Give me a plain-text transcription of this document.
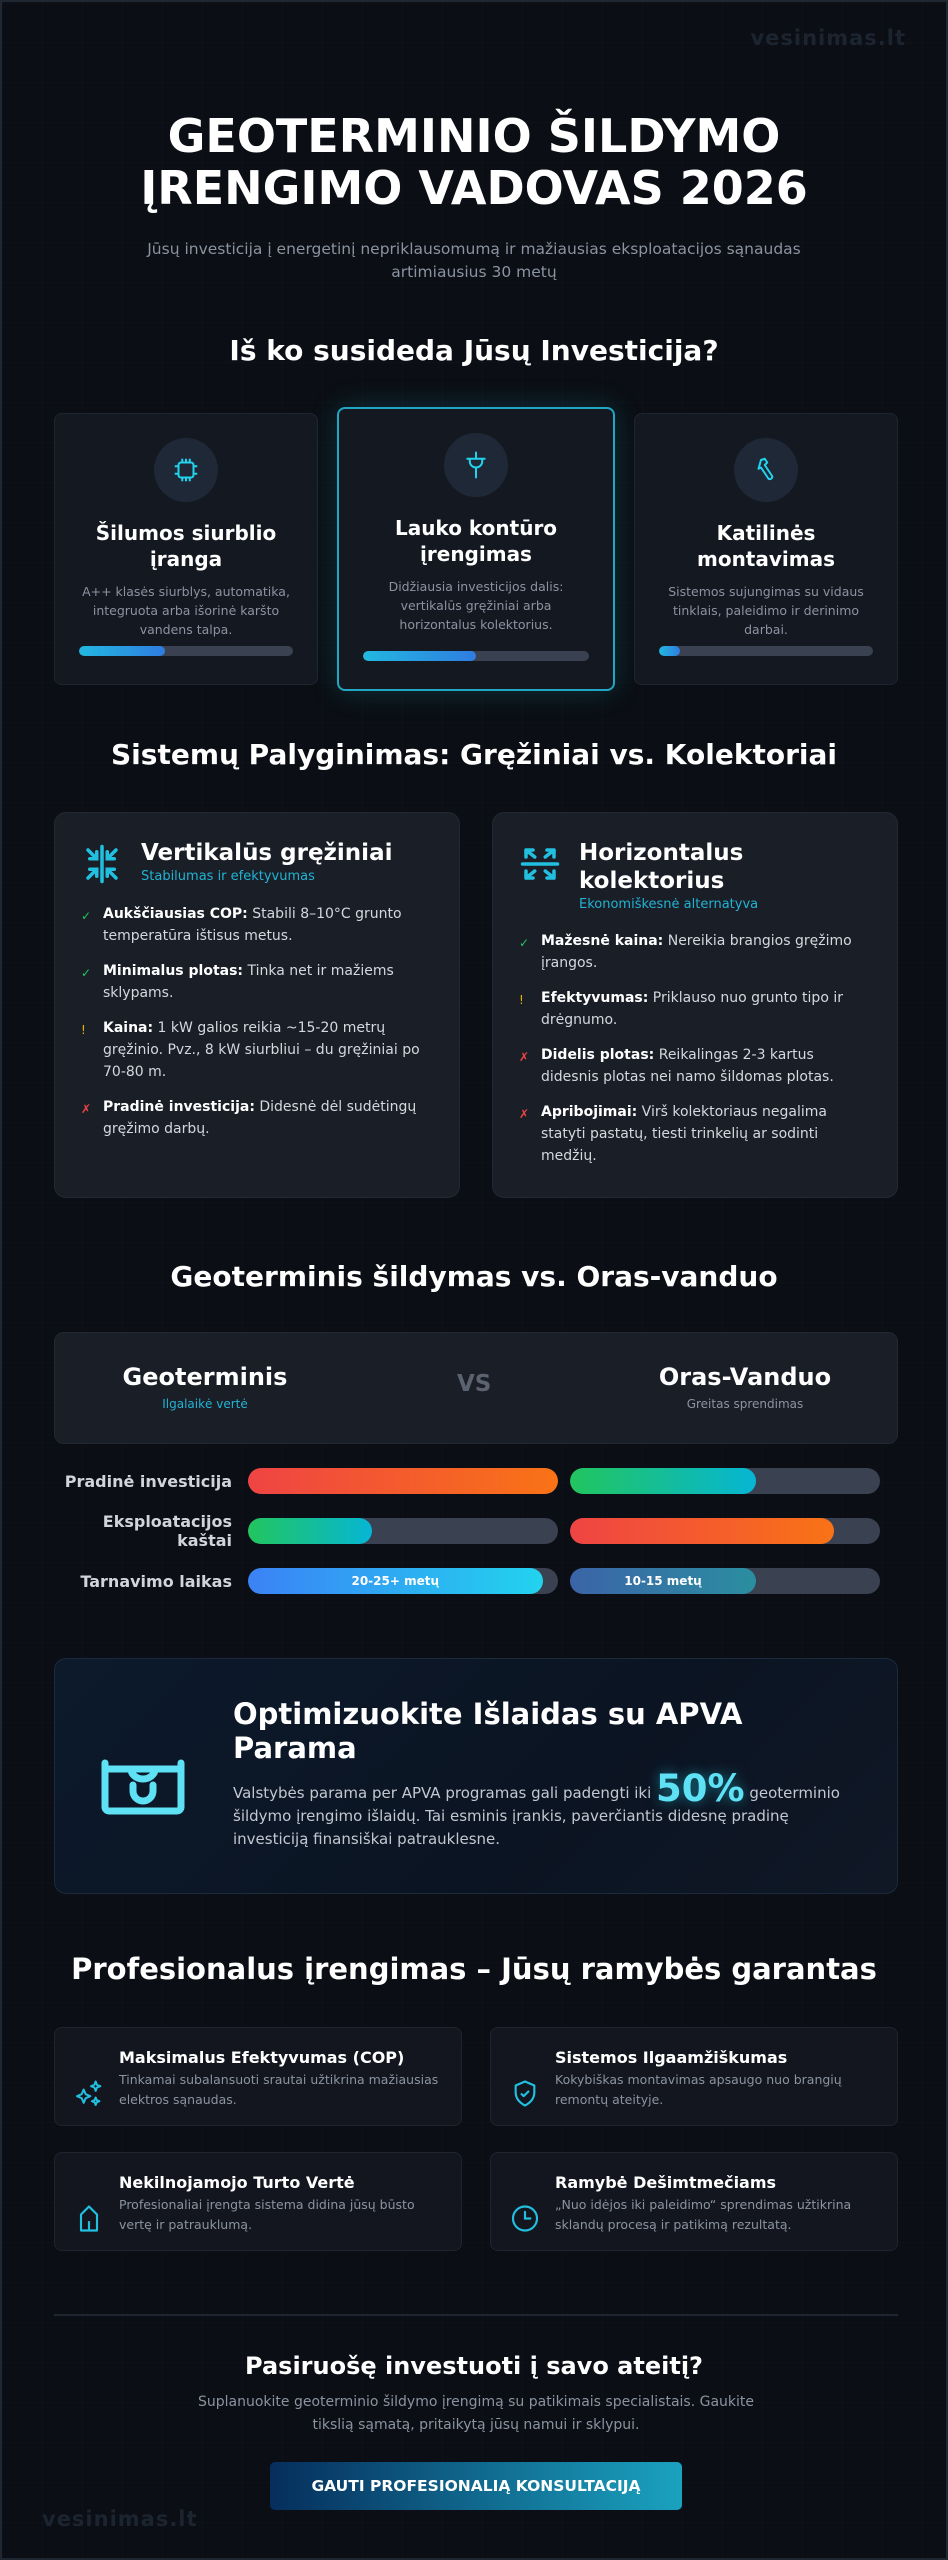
vesinimas.lt
GEOTERMINIO ŠILDYMO
ĮRENGIMO VADOVAS 2026

Jūsų investicija į energetinį nepriklausomumą ir mažiausias eksploatacijos sąnaudas artimiausius 30 metų

Iš ko susideda Jūsų Investicija?
Šilumos siurblio įranga

A++ klasės siurblys, automatika, integruota arba išorinė karšto vandens talpa.

Lauko kontūro įrengimas

Didžiausia investicijos dalis: vertikalūs gręžiniai arba horizontalus kolektorius.

Katilinės montavimas

Sistemos sujungimas su vidaus tinklais, paleidimo ir derinimo darbai.

Sistemų Palyginimas: Gręžiniai vs. Kolektoriai
Vertikalūs gręžiniai
Stabilumas ir efektyvumas
✓ Aukščiausias COP: Stabili 8–10°C grunto temperatūra ištisus metus.
✓ Minimalus plotas: Tinka net ir mažiems sklypams.
!	Kaina: 1 kW galios reikia ~15-20 metrų gręžinio. Pvz., 8 kW siurbliui – du gręžiniai po 70-80 m.
✗ Pradinė investicija: Didesnė dėl sudėtingų gręžimo darbų.
Horizontalus kolektorius
Ekonomiškesnė alternatyva
✓ Mažesnė kaina: Nereikia brangios gręžimo įrangos.
!	Efektyvumas: Priklauso nuo grunto tipo ir drėgnumo.
✗ Didelis plotas: Reikalingas 2-3 kartus didesnis plotas nei namo šildomas plotas.
✗ Apribojimai: Virš kolektoriaus negalima statyti pastatų, tiesti trinkelių ar sodinti medžių.
Geoterminis šildymas vs. Oras-vanduo
Geoterminis
Ilgalaikė vertė
VS	Oras-Vanduo
Greitas sprendimas
Pradinė investicija
Eksploatacijos kaštai
Tarnavimo laikas	20-25+ metų	10-15 metų
Optimizuokite Išlaidas su APVA Parama

Valstybės parama per APVA programas gali padengti iki 50% geoterminio šildymo įrengimo išlaidų. Tai esminis įrankis, paverčiantis didesnę pradinę investiciją finansiškai patrauklesne.

Profesionalus įrengimas – Jūsų ramybės garantas
Maksimalus Efektyvumas (COP)

Tinkamai subalansuoti srautai užtikrina mažiausias elektros sąnaudas.

Sistemos Ilgaamžiškumas

Kokybiškas montavimas apsaugo nuo brangių remontų ateityje.

Nekilnojamojo Turto Vertė

Profesionaliai įrengta sistema didina jūsų būsto vertę ir patrauklumą.

Ramybė Dešimtmečiams

„Nuo idėjos iki paleidimo“ sprendimas užtikrina sklandų procesą ir patikimą rezultatą.

Pasiruošę investuoti į savo ateitį?

Suplanuokite geoterminio šildymo įrengimą su patikimais specialistais. Gaukite tikslią sąmatą, pritaikytą jūsų namui ir sklypui.

GAUTI PROFESIONALIĄ KONSULTACIJĄ
vesinimas.lt
